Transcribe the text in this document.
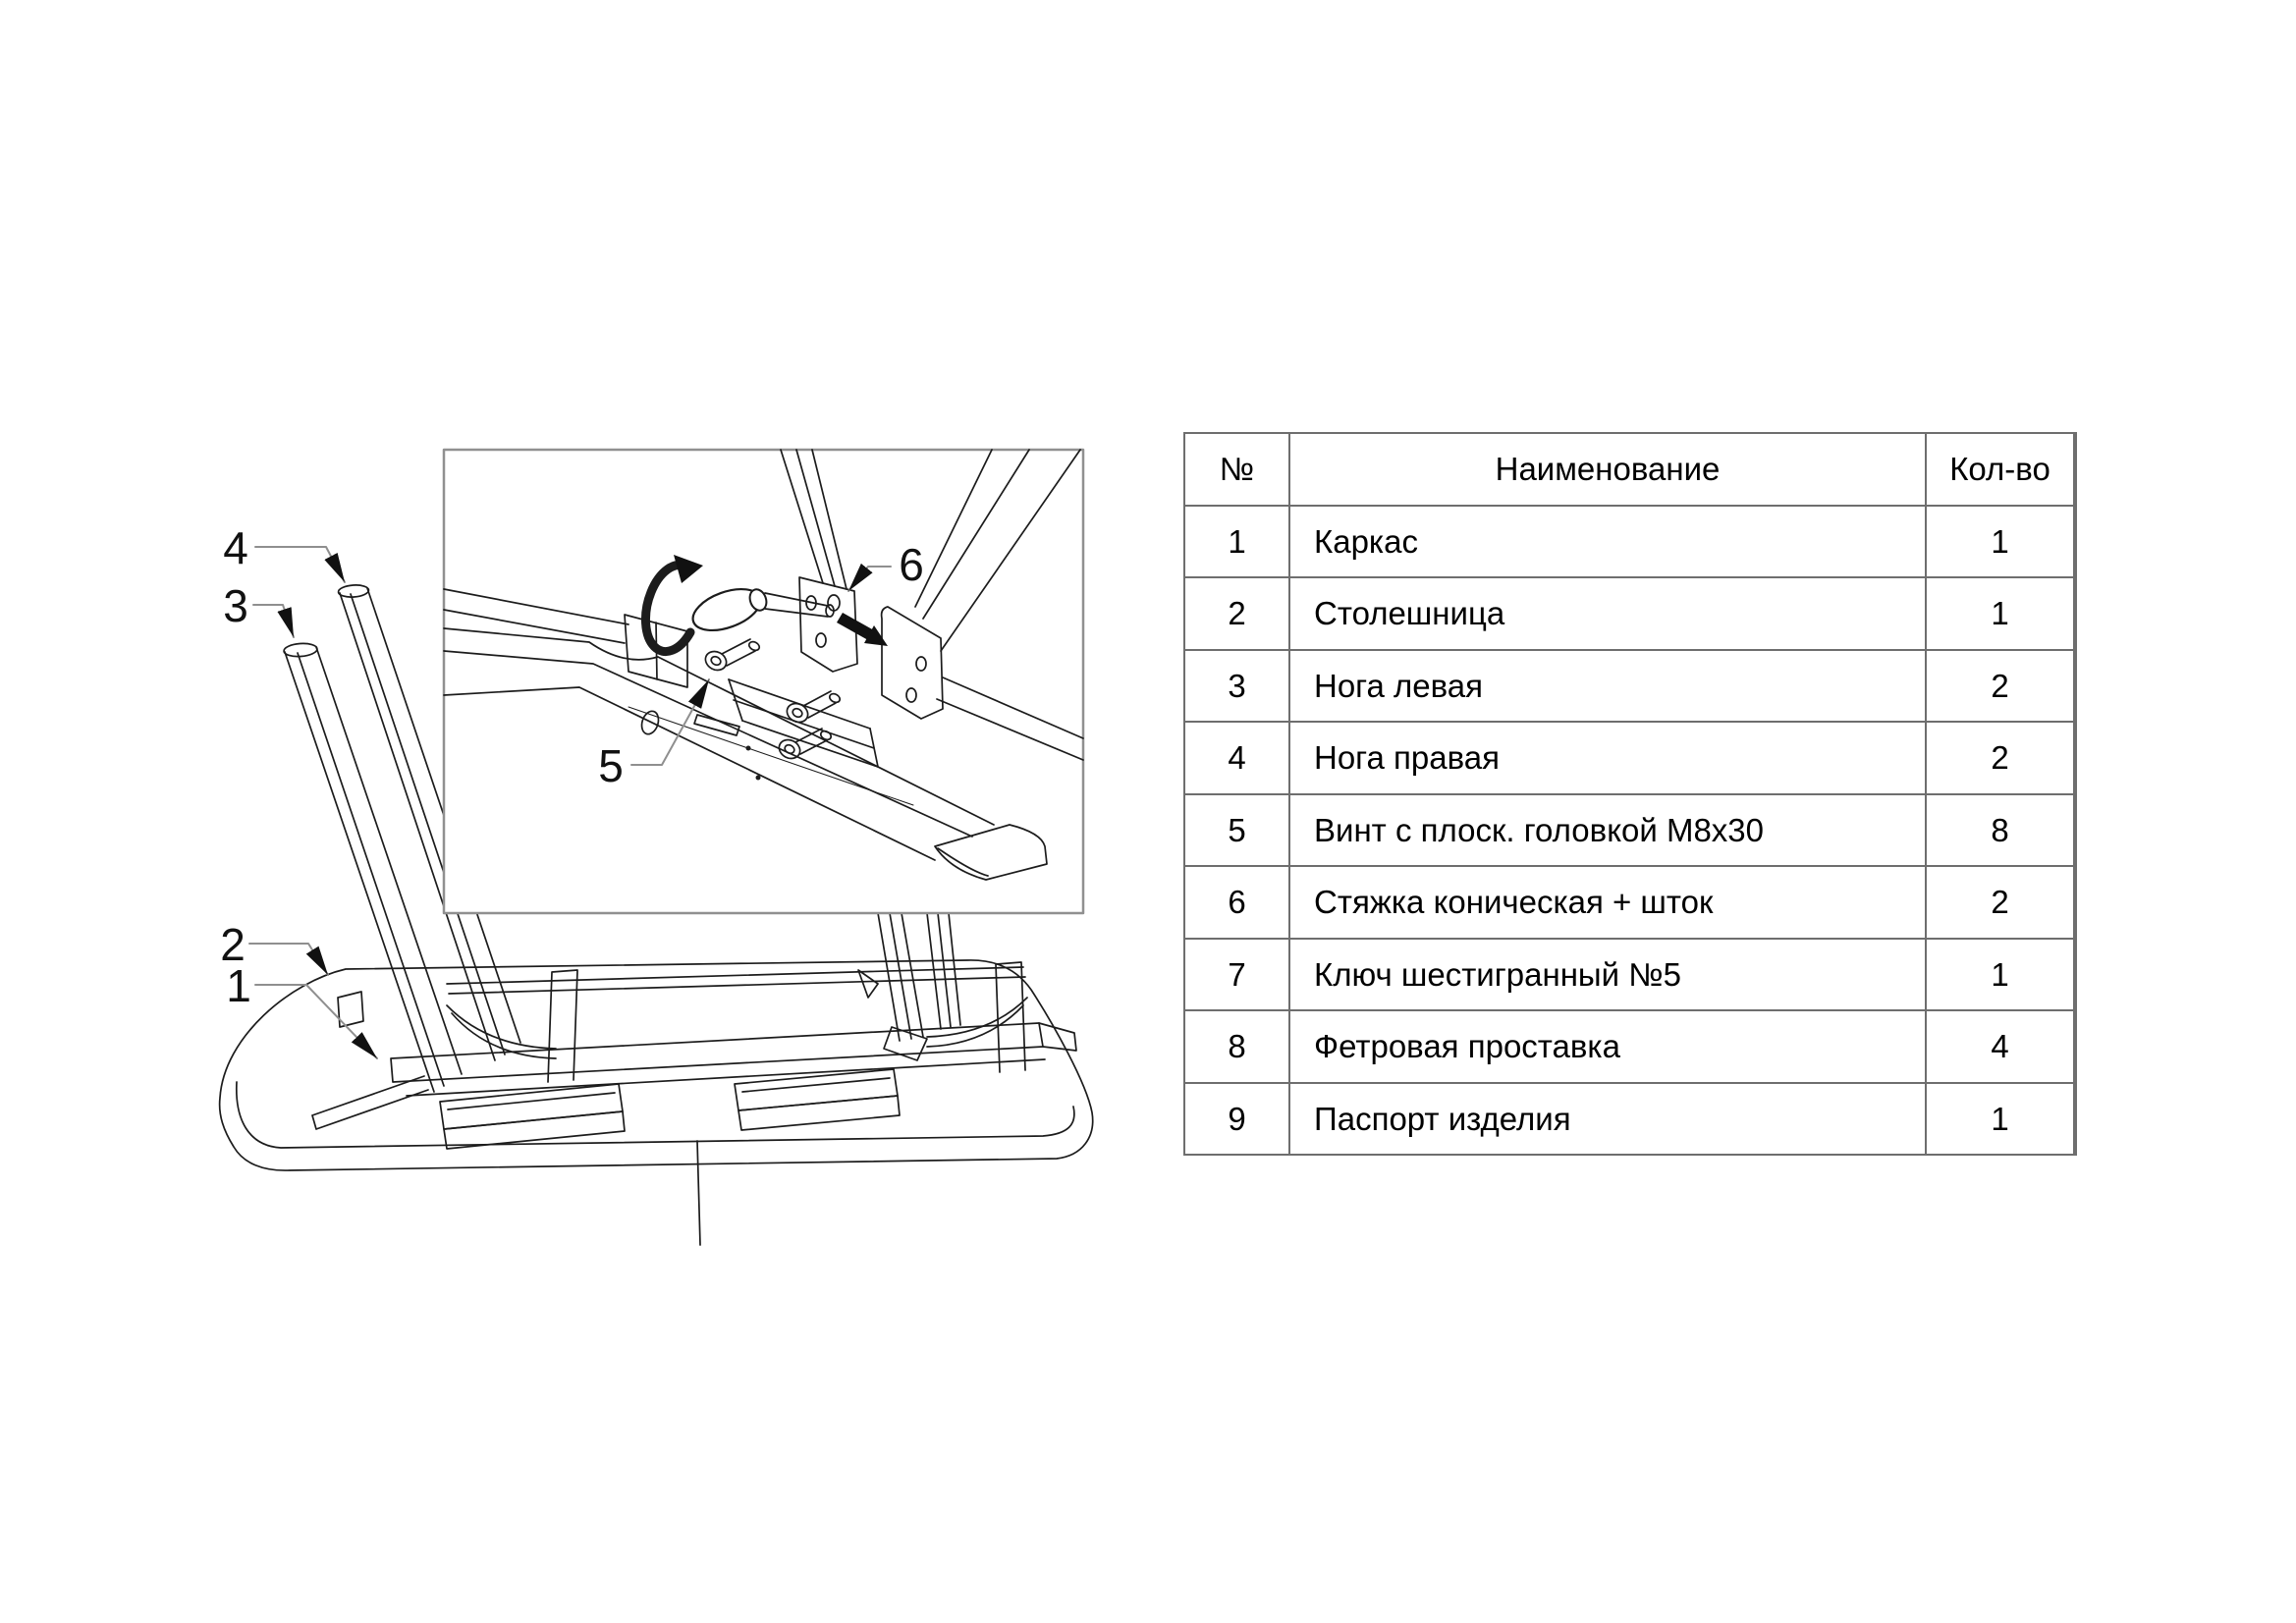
4
3
2
1
5
6
№	Наименование	Кол-во
1	Каркас	1
2	Столешница	1
3	Нога левая	2
4	Нога правая	2
5	Винт с плоск. головкой M8x30	8
6	Стяжка коническая + шток	2
7	Ключ шестигранный №5	1
8	Фетровая проставка	4
9	Паспорт изделия	1
